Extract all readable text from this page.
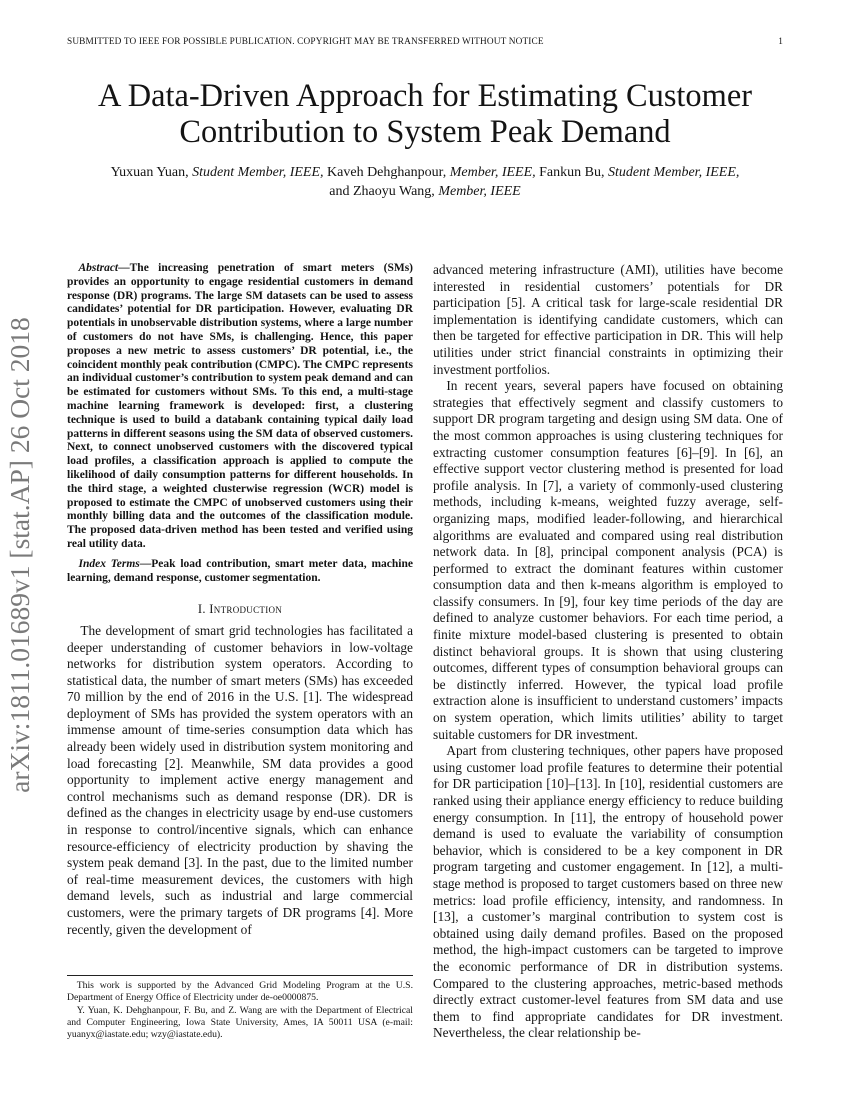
SUBMITTED TO IEEE FOR POSSIBLE PUBLICATION. COPYRIGHT MAY BE TRANSFERRED WITHOUT NOTICE	1
arXiv:1811.01689v1 [stat.AP] 26 Oct 2018
A Data-Driven Approach for Estimating Customer
Contribution to System Peak Demand
Yuxuan Yuan, Student Member, IEEE, Kaveh Dehghanpour, Member, IEEE, Fankun Bu, Student Member, IEEE,
and Zhaoyu Wang, Member, IEEE

Abstract—The increasing penetration of smart meters (SMs) provides an opportunity to engage residential customers in demand response (DR) programs. The large SM datasets can be used to assess candidates’ potential for DR participation. However, evaluating DR potentials in unobservable distribution systems, where a large number of customers do not have SMs, is challenging. Hence, this paper proposes a new metric to assess customers’ DR potential, i.e., the coincident monthly peak contribution (CMPC). The CMPC represents an individual customer’s contribution to system peak demand and can be estimated for customers without SMs. To this end, a multi-stage machine learning framework is developed: first, a clustering technique is used to build a databank containing typical daily load patterns in different seasons using the SM data of observed customers. Next, to connect unobserved customers with the discovered typical load profiles, a classification approach is applied to compute the likelihood of daily consumption patterns for different households. In the third stage, a weighted clusterwise regression (WCR) model is proposed to estimate the CMPC of unobserved customers using their monthly billing data and the outcomes of the classification module. The proposed data-driven method has been tested and verified using real utility data.

Index Terms—Peak load contribution, smart meter data, machine learning, demand response, customer segmentation.

I. Introduction

The development of smart grid technologies has facilitated a deeper understanding of customer behaviors in low-voltage networks for distribution system operators. According to statistical data, the number of smart meters (SMs) has exceeded 70 million by the end of 2016 in the U.S. [1]. The widespread deployment of SMs has provided the system operators with an immense amount of time-series consumption data which has already been widely used in distribution system monitoring and load forecasting [2]. Meanwhile, SM data provides a good opportunity to implement active energy management and control mechanisms such as demand response (DR). DR is defined as the changes in electricity usage by end-use customers in response to control/incentive signals, which can enhance resource-efficiency of electricity production by shaving the system peak demand [3]. In the past, due to the limited number of real-time measurement devices, the customers with high demand levels, such as industrial and large commercial customers, were the primary targets of DR programs [4]. More recently, given the development of

advanced metering infrastructure (AMI), utilities have become interested in residential customers’ potentials for DR participation [5]. A critical task for large-scale residential DR implementation is identifying candidate customers, which can then be targeted for effective participation in DR. This will help utilities under strict financial constraints in optimizing their investment portfolios.

In recent years, several papers have focused on obtaining strategies that effectively segment and classify customers to support DR program targeting and design using SM data. One of the most common approaches is using clustering techniques for extracting customer consumption features [6]–[9]. In [6], an effective support vector clustering method is presented for load profile analysis. In [7], a variety of commonly-used clustering methods, including k-means, weighted fuzzy average, self-organizing maps, modified leader-following, and hierarchical algorithms are evaluated and compared using real distribution network data. In [8], principal component analysis (PCA) is performed to extract the dominant features within customer consumption data and then k-means algorithm is employed to classify consumers. In [9], four key time periods of the day are defined to analyze customer behaviors. For each time period, a finite mixture model-based clustering is presented to obtain distinct behavioral groups. It is shown that using clustering outcomes, different types of consumption behavioral groups can be distinctly inferred. However, the typical load profile extraction alone is insufficient to understand customers’ impacts on system operation, which limits utilities’ ability to target suitable customers for DR investment.

Apart from clustering techniques, other papers have proposed using customer load profile features to determine their potential for DR participation [10]–[13]. In [10], residential customers are ranked using their appliance energy efficiency to reduce building energy consumption. In [11], the entropy of household power demand is used to evaluate the variability of consumption behavior, which is considered to be a key component in DR program targeting and customer engagement. In [12], a multi-stage method is proposed to target customers based on three new metrics: load profile efficiency, intensity, and randomness. In [13], a customer’s marginal contribution to system cost is obtained using daily demand profiles. Based on the proposed method, the high-impact customers can be targeted to improve the economic performance of DR in distribution systems. Compared to the clustering approaches, metric-based methods directly extract customer-level features from SM data and use them to find appropriate candidates for DR investment. Nevertheless, the clear relationship be-

This work is supported by the Advanced Grid Modeling Program at the U.S. Department of Energy Office of Electricity under de-oe0000875.

Y. Yuan, K. Dehghanpour, F. Bu, and Z. Wang are with the Department of Electrical and Computer Engineering, Iowa State University, Ames, IA 50011 USA (e-mail: yuanyx@iastate.edu; wzy@iastate.edu).
